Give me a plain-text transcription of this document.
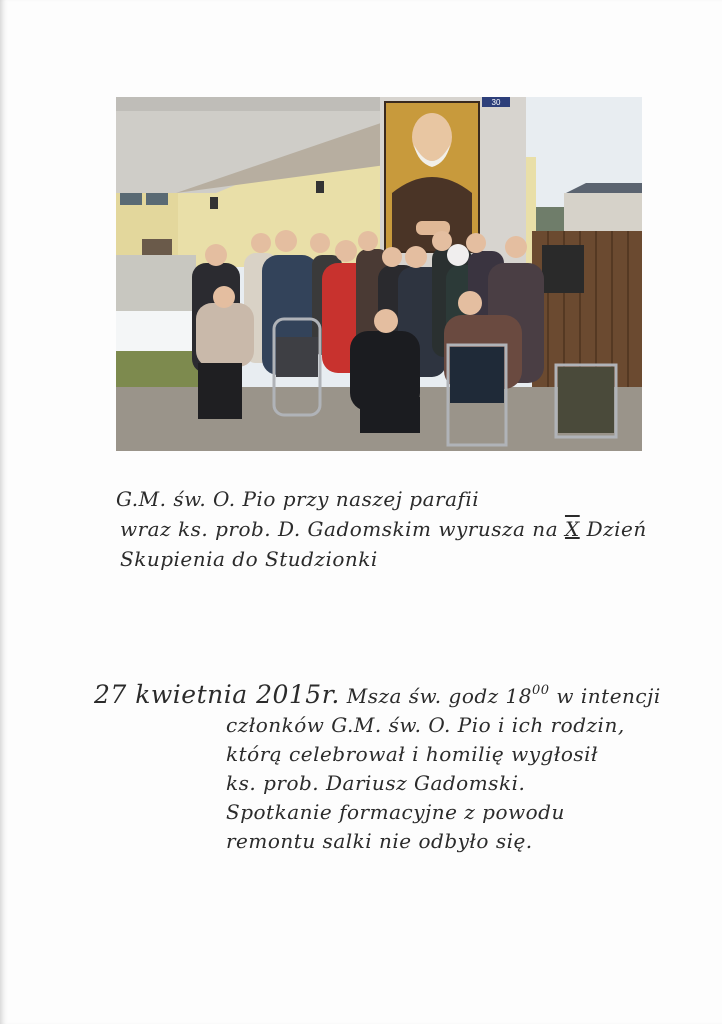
30
G.M. św. O. Pio przy naszej parafii
wraz ks. prob. D. Gadomskim wyrusza na X Dzień
Skupienia do Studzionki
27 kwietnia 2015r. Msza św. godz $18^{00}$ w intencji
członków G.M. św. O. Pio i ich rodzin,
którą celebrował i homilię wygłosił
ks. prob. Dariusz Gadomski.
Spotkanie formacyjne z powodu
remontu salki nie odbyło się.
